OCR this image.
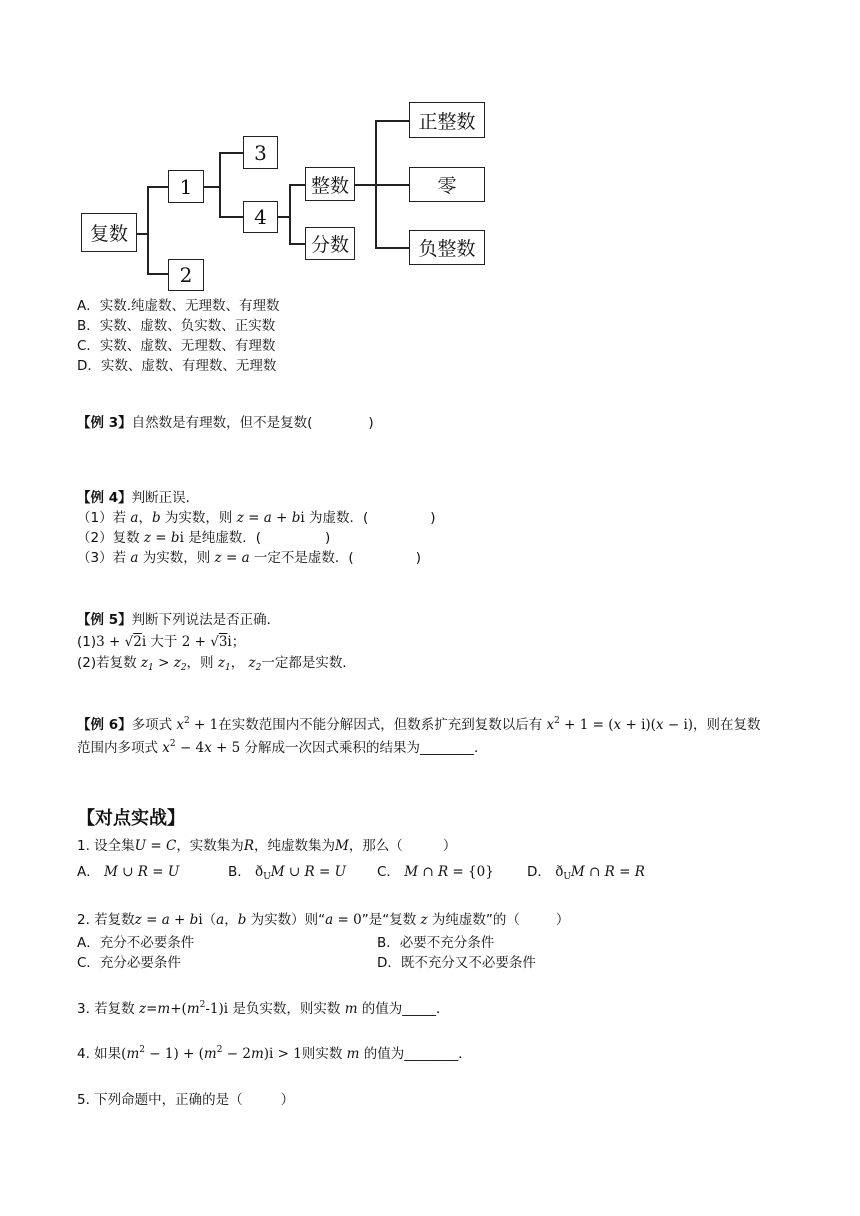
复数
1
2
3
4
整数
分数
正整数
零
负整数
A．实数.纯虚数、无理数、有理数
B．实数、虚数、负实数、正实数
C．实数、虚数、无理数、有理数
D．实数、虚数、有理数、无理数
【例 3】自然数是有理数，但不是复数(	)
【例 4】判断正误．
（1）若 a，b 为实数，则 z = a + bi 为虚数．(	)
（2）复数 z = bi 是纯虚数．(	)
（3）若 a 为实数，则 z = a 一定不是虚数．(	)
【例 5】判断下列说法是否正确．
(1)3 + √2i 大于 2 + √3i；
(2)若复数 $z_1 > z_2$，则 $z_1$， $z_2$一定都是实数．
【例 6】多项式 $x^2 + 1$在实数范围内不能分解因式，但数系扩充到复数以后有 $x^2 + 1 = (x + i)(x - i)$，则在复数
范围内多项式 $x^2 - 4x + 5$ 分解成一次因式乘积的结果为________．
【对点实战】
1. 设全集U = C，实数集为R，纯虚数集为M，那么（	）
A． M ∪ R = U	B． $ð_UM$ ∪ R = U C． M ∩ R = {0} D． $ð_UM$ ∩ R = R
2. 若复数z = a + bi（a，b 为实数）则“a = 0”是“复数 z 为纯虚数”的（	）
A．充分不必要条件	B．必要不充分条件
C．充分必要条件	D．既不充分又不必要条件
3. 若复数 $z=m+(m^2-1)i$ 是负实数，则实数 m 的值为_____．
4. 如果$(m^2 - 1) + (m^2 - 2m)i > 1$则实数 m 的值为________．
5. 下列命题中，正确的是（	）
